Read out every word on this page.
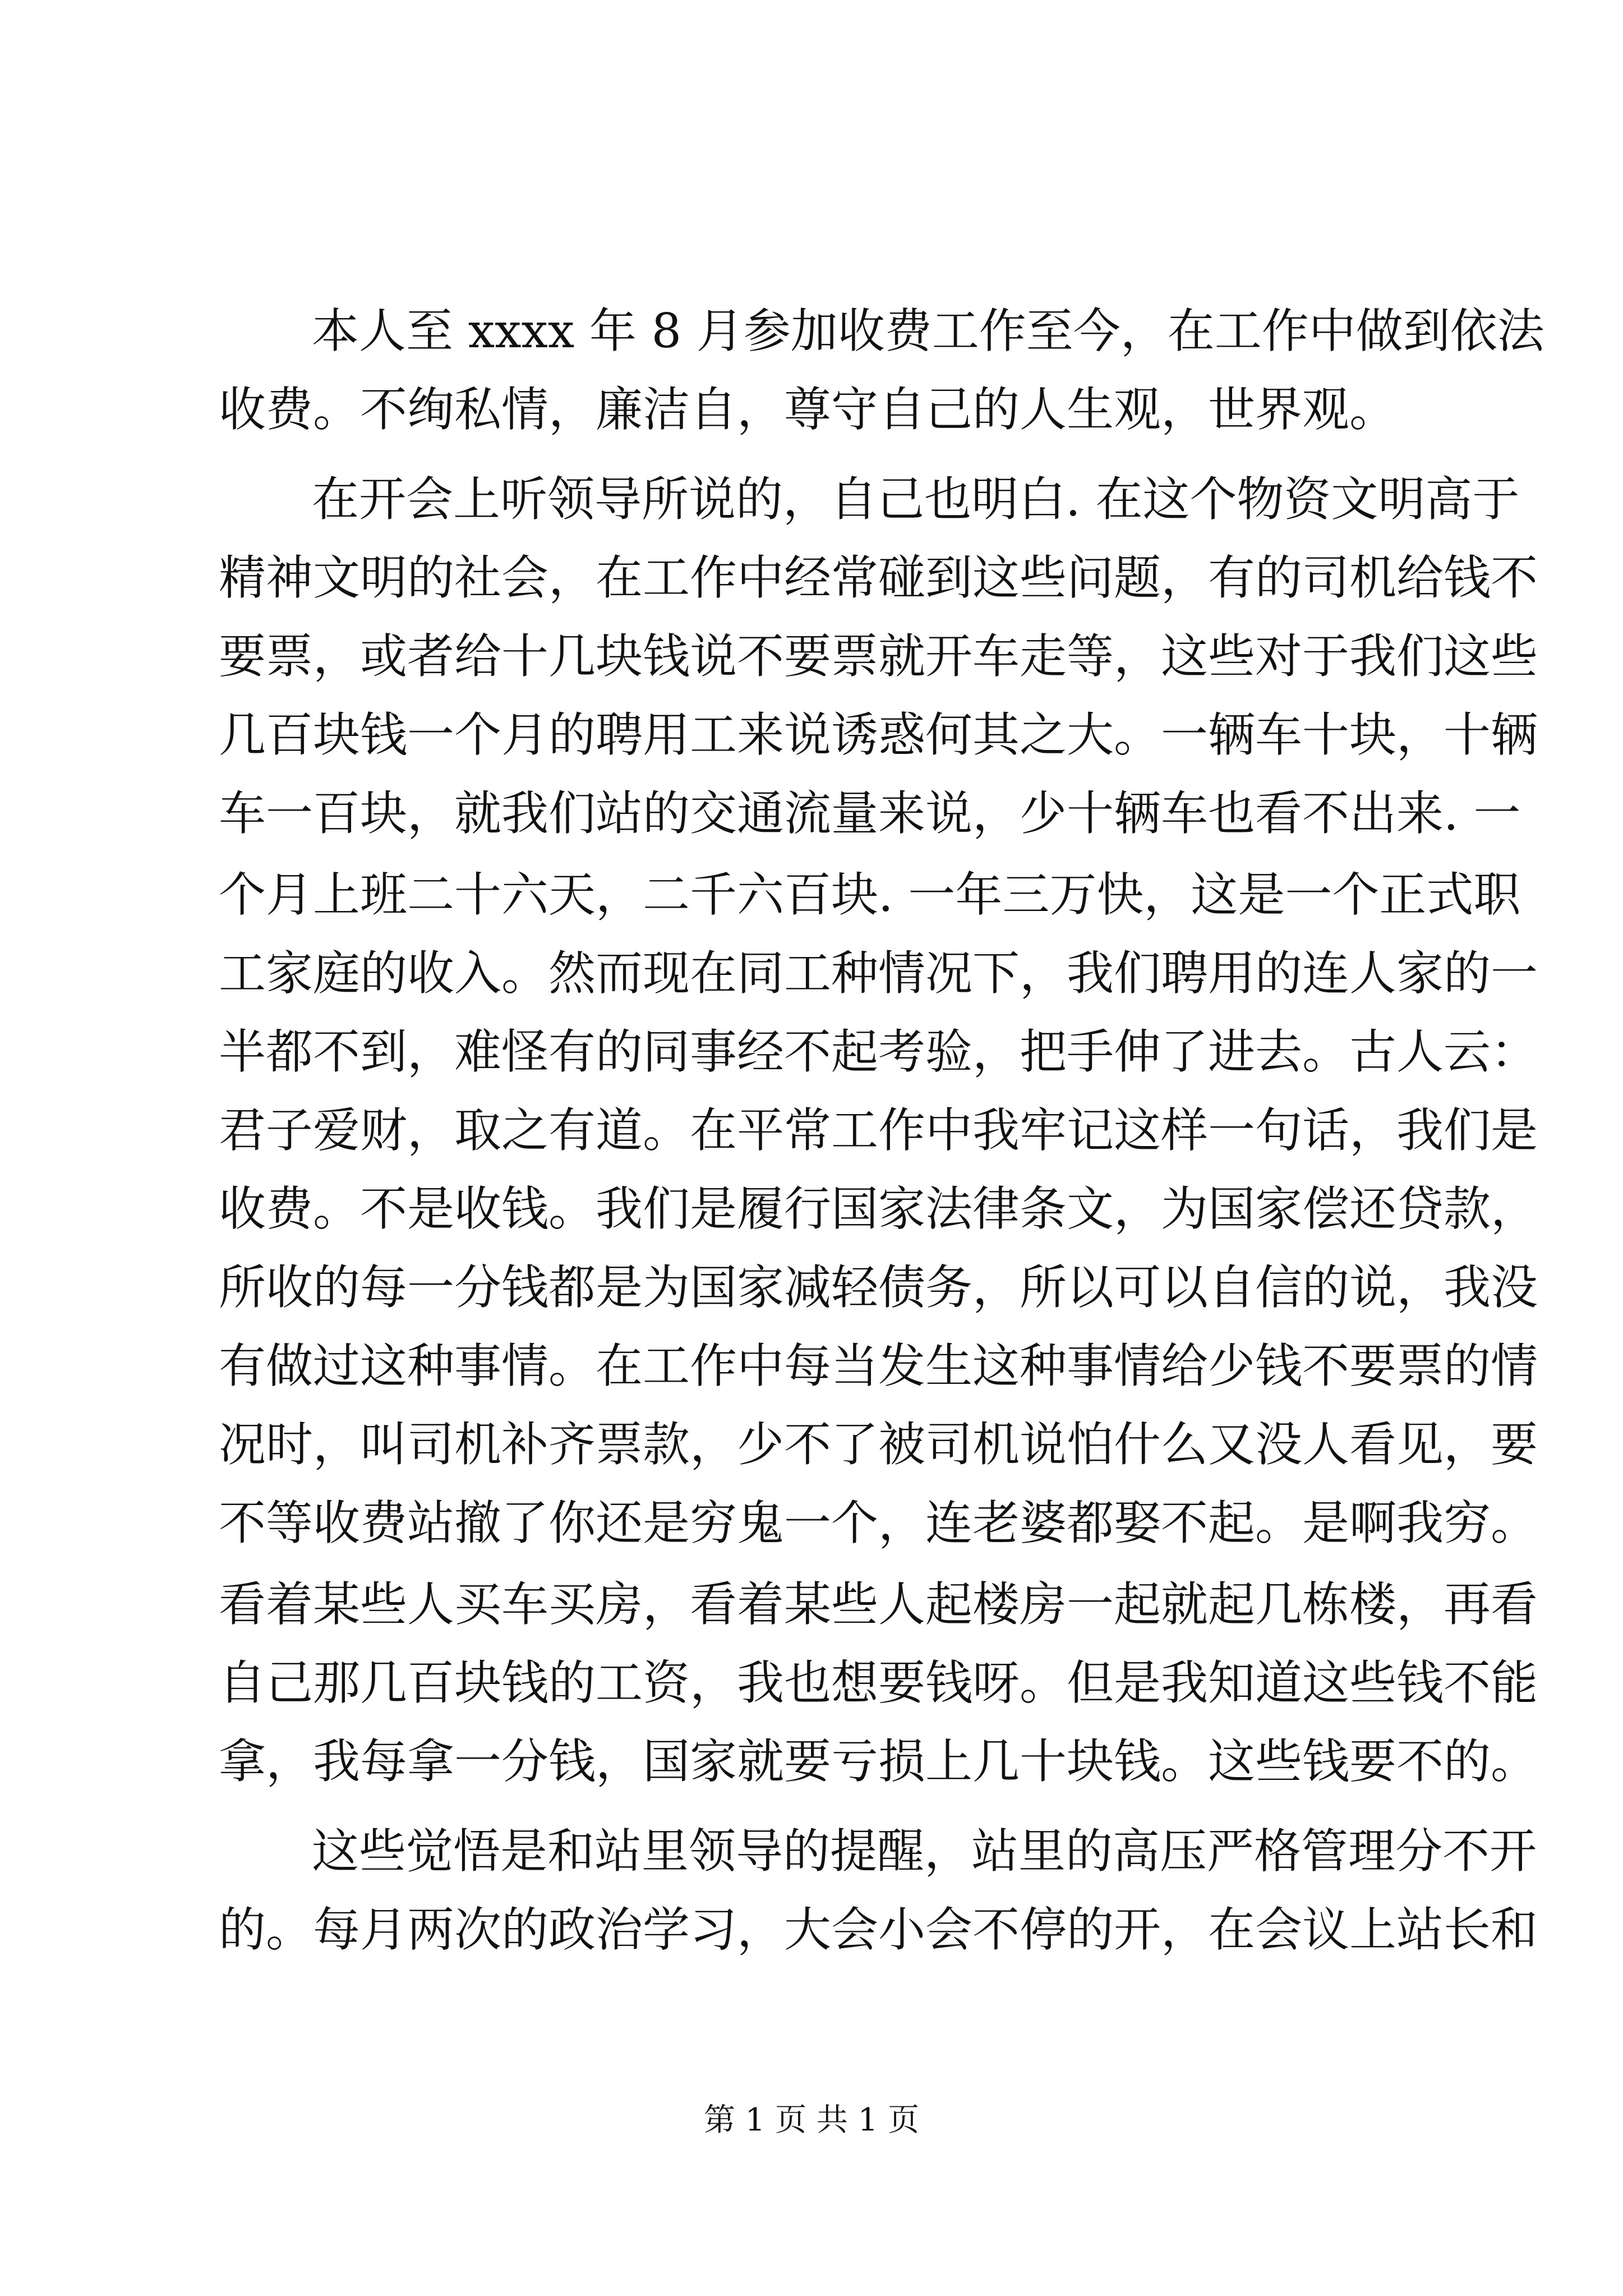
本人至 xxxx 年 8 月参加收费工作至今，在工作中做到依法
收费。不绚私情，廉洁自，尊守自己的人生观，世界观。
在开会上听领导所说的，自己也明白. 在这个物资文明高于
精神文明的社会，在工作中经常碰到这些问题，有的司机给钱不
要票，或者给十几块钱说不要票就开车走等，这些对于我们这些
几百块钱一个月的聘用工来说诱惑何其之大。一辆车十块，十辆
车一百块，就我们站的交通流量来说，少十辆车也看不出来. 一
个月上班二十六天，二千六百块. 一年三万快，这是一个正式职
工家庭的收入。然而现在同工种情况下，我们聘用的连人家的一
半都不到，难怪有的同事经不起考验，把手伸了进去。古人云：
君子爱财，取之有道。在平常工作中我牢记这样一句话，我们是
收费。不是收钱。我们是履行国家法律条文，为国家偿还贷款，
所收的每一分钱都是为国家减轻债务，所以可以自信的说，我没
有做过这种事情。在工作中每当发生这种事情给少钱不要票的情
况时，叫司机补齐票款，少不了被司机说怕什么又没人看见，要
不等收费站撤了你还是穷鬼一个，连老婆都娶不起。是啊我穷。
看着某些人买车买房，看着某些人起楼房一起就起几栋楼，再看
自己那几百块钱的工资，我也想要钱呀。但是我知道这些钱不能
拿，我每拿一分钱，国家就要亏损上几十块钱。这些钱要不的。
这些觉悟是和站里领导的提醒，站里的高压严格管理分不开
的。每月两次的政治学习，大会小会不停的开，在会议上站长和
第 1 页 共 1 页
